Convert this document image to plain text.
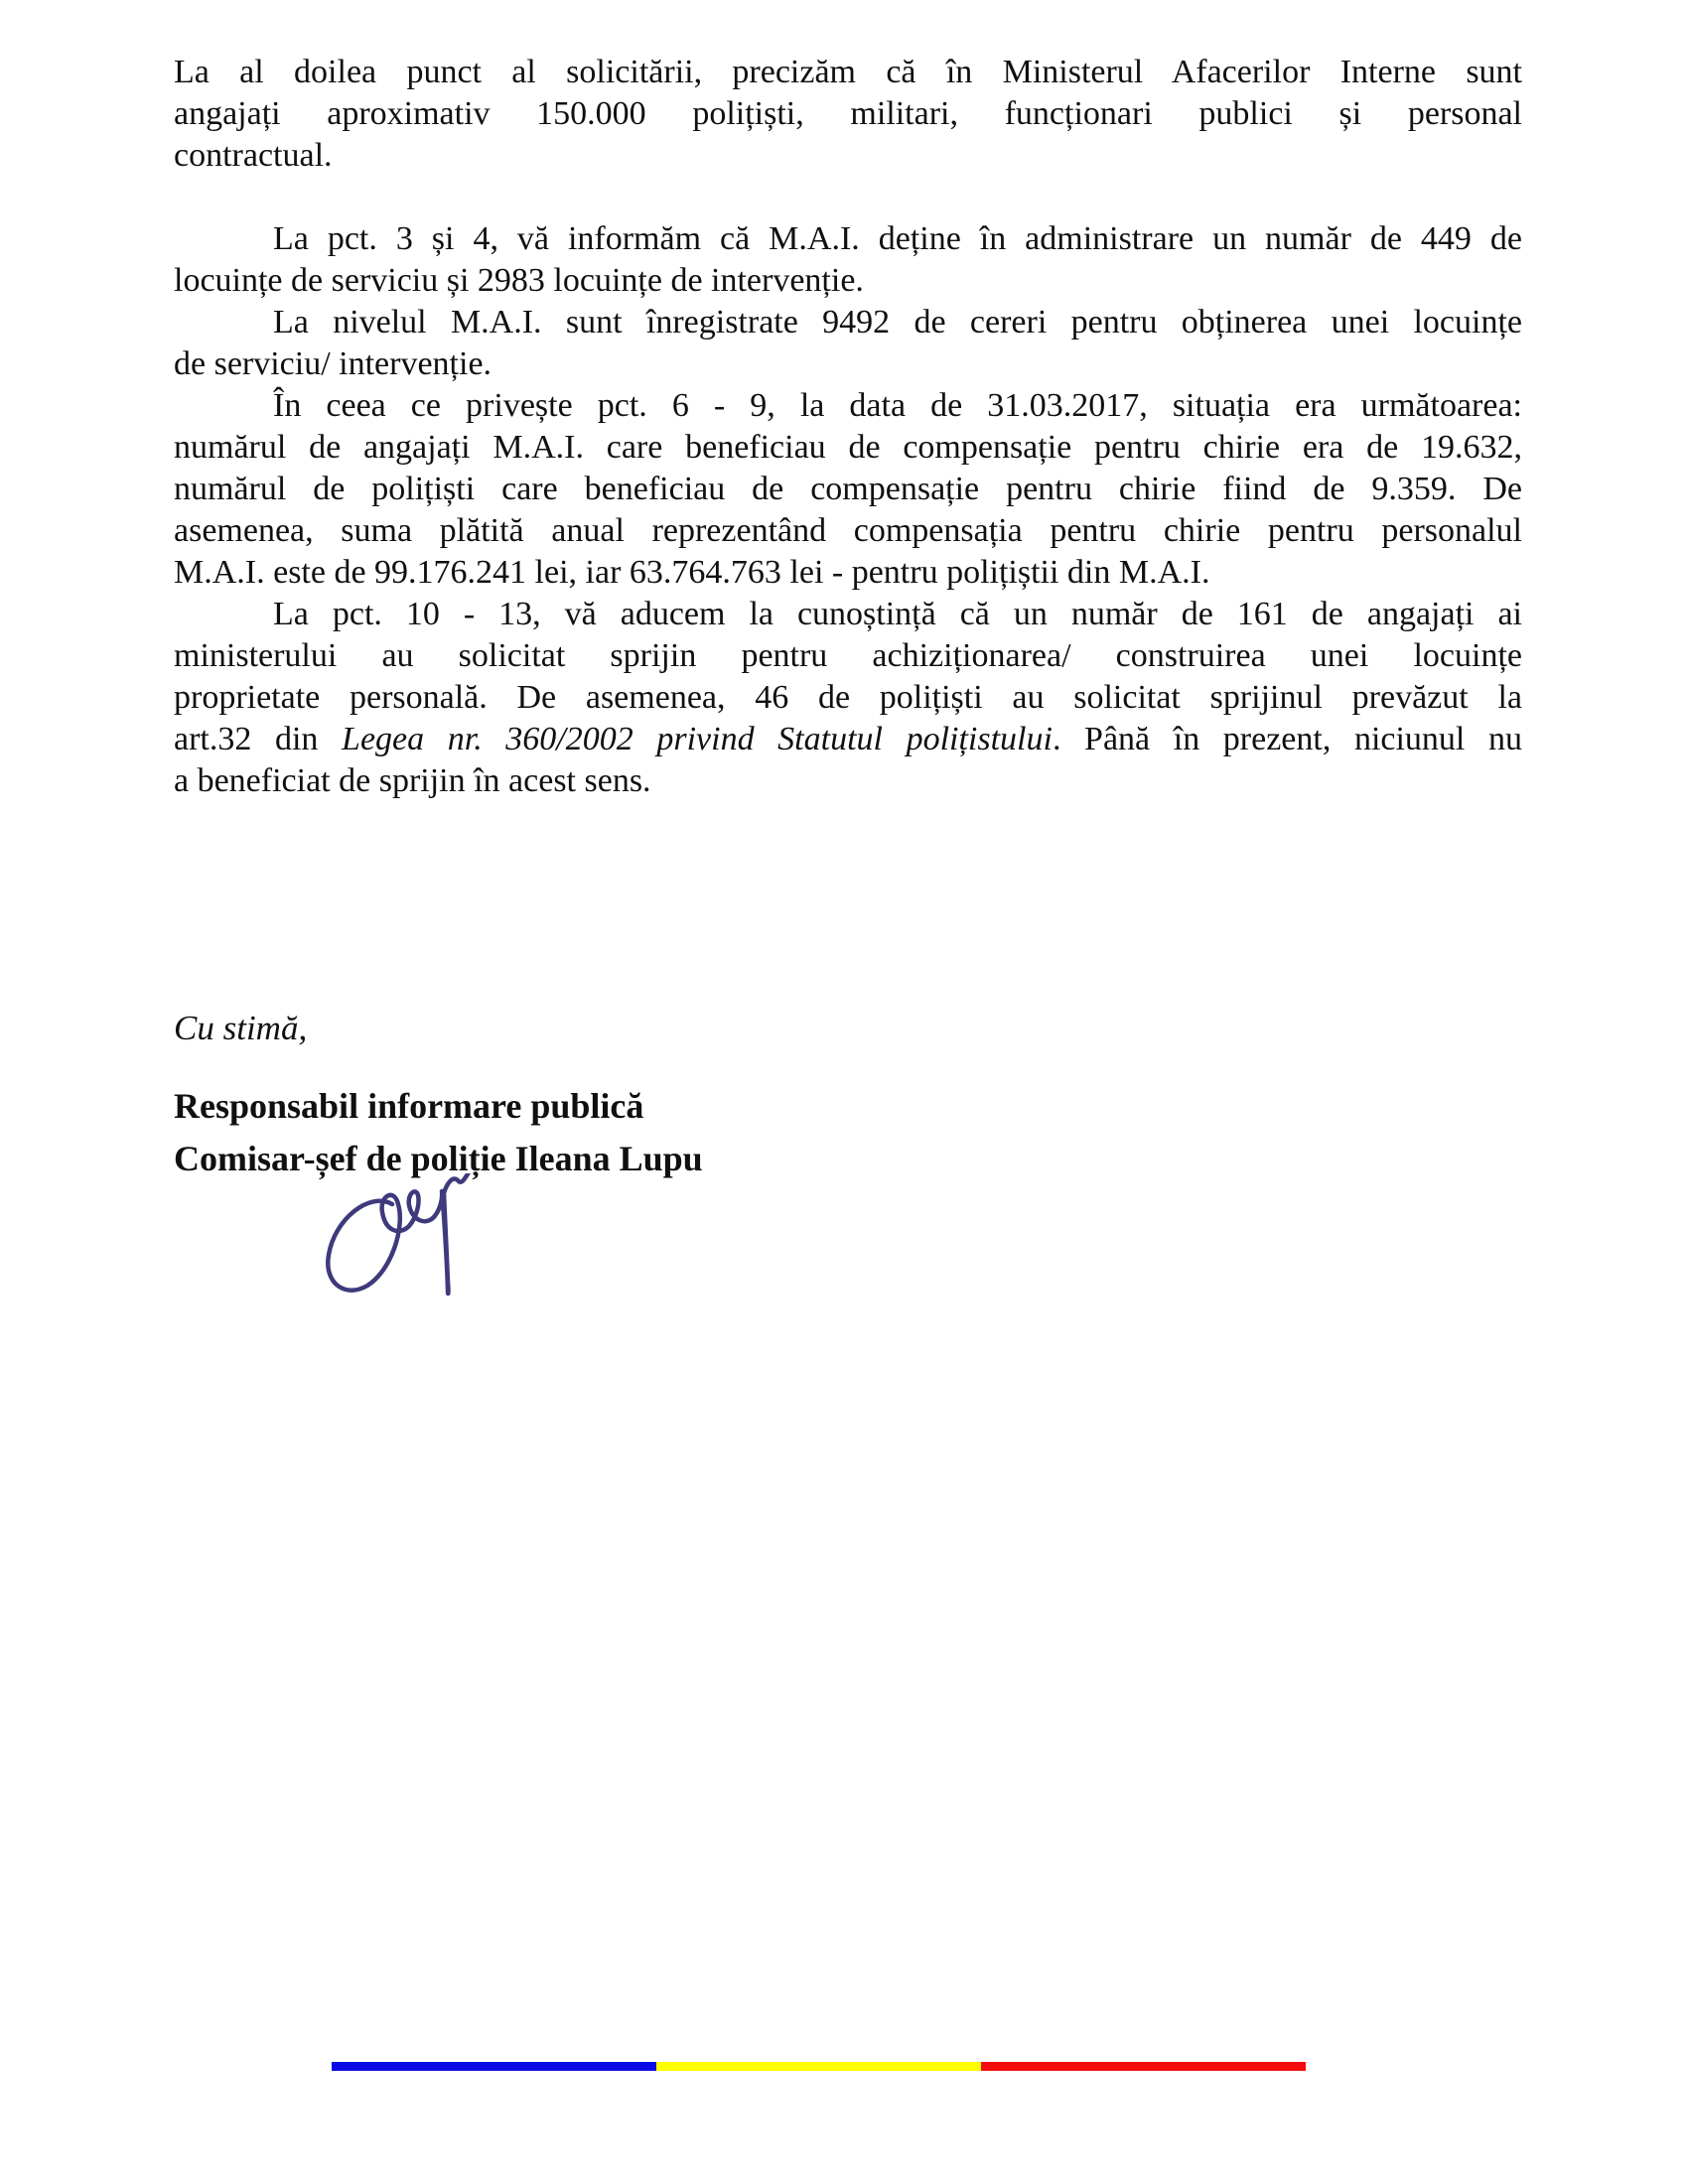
La al doilea punct al solicitării, precizăm că în Ministerul Afacerilor Interne sunt
angajați aproximativ 150.000 polițiști, militari, funcționari publici și personal
contractual.
La pct. 3 și 4, vă informăm că M.A.I. deține în administrare un număr de 449 de
locuințe de serviciu și 2983 locuințe de intervenție.
La nivelul M.A.I. sunt înregistrate 9492 de cereri pentru obținerea unei locuințe
de serviciu/ intervenție.
În ceea ce privește pct. 6 - 9, la data de 31.03.2017, situația era următoarea:
numărul de angajați M.A.I. care beneficiau de compensație pentru chirie era de 19.632,
numărul de polițiști care beneficiau de compensație pentru chirie fiind de 9.359. De
asemenea, suma plătită anual reprezentând compensația pentru chirie pentru personalul
M.A.I. este de 99.176.241 lei, iar 63.764.763 lei - pentru polițiștii din M.A.I.
La pct. 10 - 13, vă aducem la cunoștință că un număr de 161 de angajați ai
ministerului au solicitat sprijin pentru achiziționarea/ construirea unei locuințe
proprietate personală. De asemenea, 46 de polițiști au solicitat sprijinul prevăzut la
art.32 din Legea nr. 360/2002 privind Statutul polițistului. Până în prezent, niciunul nu
a beneficiat de sprijin în acest sens.
Cu stimă,
Responsabil informare publică
Comisar-șef de poliție Ileana Lupu
